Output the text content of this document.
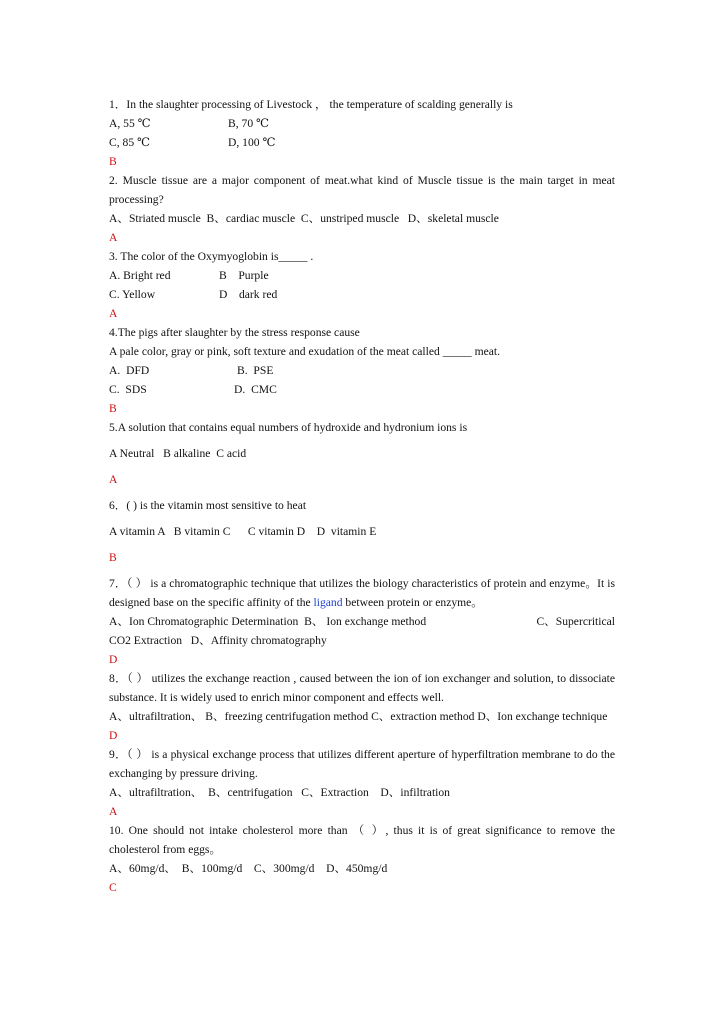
1．In the slaughter processing of Livestock ， the temperature of scalding generally is

A, 55 ℃

	B, 70 ℃

C, 85 ℃

	D, 100 ℃

B
2. Muscle tissue are a major component of meat.what kind of Muscle tissue is the main target in meat processing?
A、Striated muscle  B、cardiac muscle  C、unstriped muscle   D、skeletal muscle
A
3. The color of the Oxymyoglobin is_____ .

A. Bright red

	B    Purple

C. Yellow

	D    dark red

A
4.The pigs after slaughter by the stress response cause
A pale color, gray or pink, soft texture and exudation of the meat called _____ meat.

A.  DFD

	B.  PSE

C.  SDS

	D.  CMC

B
5.A solution that contains equal numbers of hydroxide and hydronium ions is
A Neutral   B alkaline  C acid
A
6．( ) is the vitamin most sensitive to heat
A vitamin A   B vitamin C      C vitamin D    D  vitamin E
B
7．（ ） is a chromatographic technique that utilizes the biology characteristics of protein and enzyme。It is designed base on the specific affinity of the ligand between protein or enzyme。

A、Ion Chromatographic Determination  B、 Ion exchange method

	C、Supercritical

CO2 Extraction   D、Affinity chromatography
D
8．（ ） utilizes the exchange reaction , caused between the ion of ion exchanger and solution, to dissociate substance. It is widely used to enrich minor component and effects well.
A、ultrafiltration、 B、freezing centrifugation method C、extraction method D、Ion exchange technique
D
9．（ ） is a physical exchange process that utilizes different aperture of hyperfiltration membrane to do the exchanging by pressure driving.
A、ultrafiltration、  B、centrifugation   C、Extraction    D、infiltration
A
10. One should not intake cholesterol more than （ ）, thus it is of great significance to remove the cholesterol from eggs。
A、60mg/d、  B、100mg/d    C、300mg/d    D、450mg/d
C
